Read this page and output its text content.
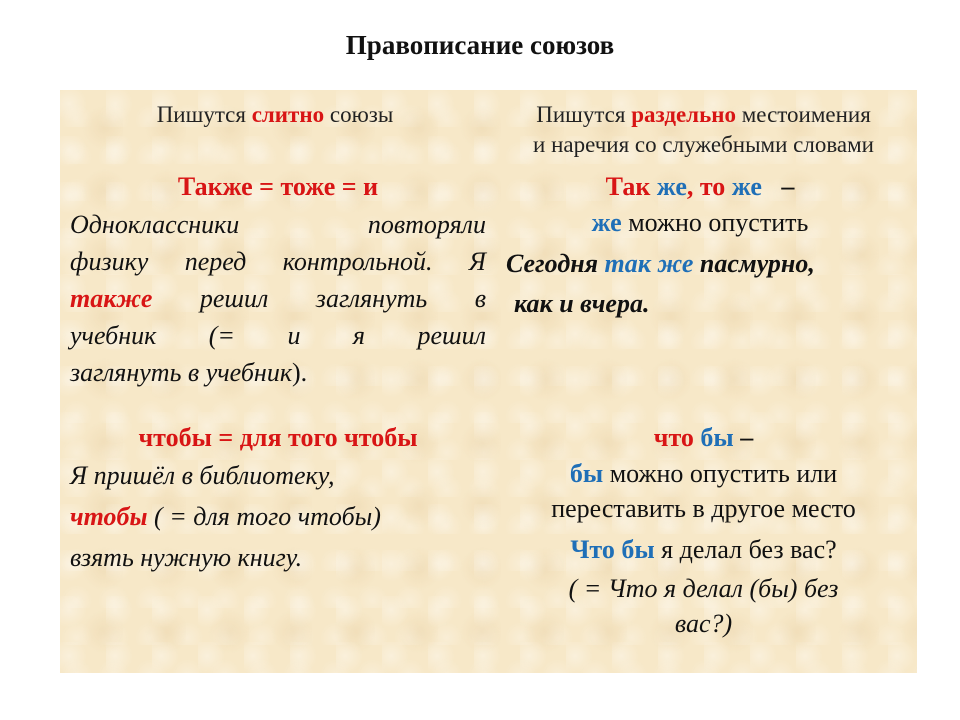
Правописание союзов
Пишутся слитно союзы	Пишутся раздельно местоимения
и наречия со служебными словами
Также = тоже = и
Одноклассники повторяли
физику перед контрольной. Я
также решил заглянуть в
учебник (= и я решил
заглянуть в учебник).
Так же, то же   –
же можно опустить
Сегодня так же пасмурно,
как и вчера.
чтобы = для того чтобы
Я пришёл в библиотеку,
чтобы ( = для того чтобы)
взять нужную книгу.
что бы –
бы можно опустить или
переставить в другое место
Что бы я делал без вас?
( = Что я делал (бы) без
вас?)
